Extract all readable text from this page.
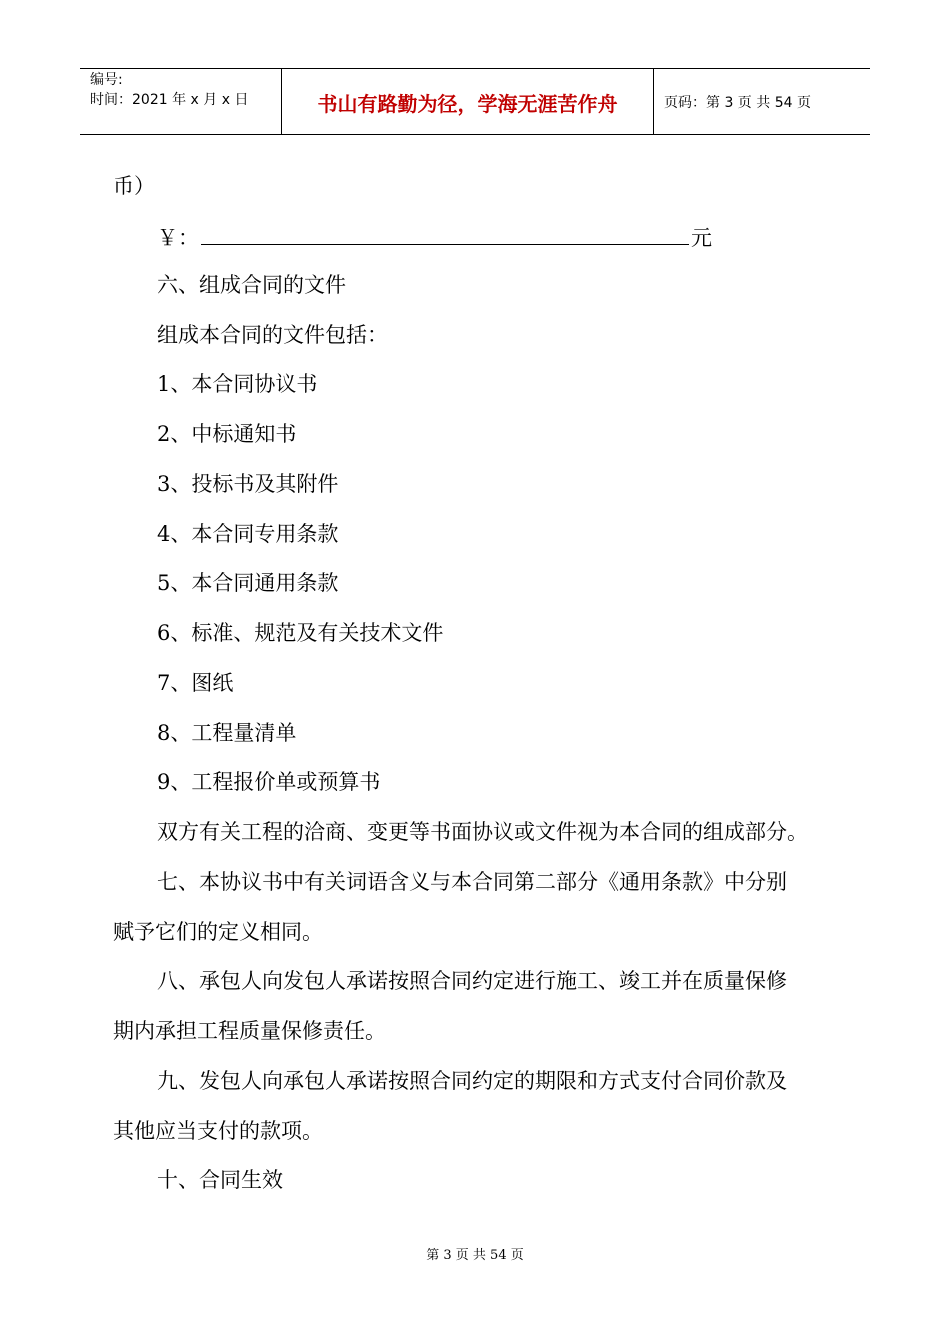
编号:
时间：2021 年 x 月 x 日	书山有路勤为径，学海无涯苦作舟	页码：第 3 页 共 54 页
币）
￥：	元
六、组成合同的文件
组成本合同的文件包括：
1、本合同协议书
2、中标通知书
3、投标书及其附件
4、本合同专用条款
5、本合同通用条款
6、标准、规范及有关技术文件
7、图纸
8、工程量清单
9、工程报价单或预算书
双方有关工程的洽商、变更等书面协议或文件视为本合同的组成部分。
七、本协议书中有关词语含义与本合同第二部分《通用条款》中分别
赋予它们的定义相同。
八、承包人向发包人承诺按照合同约定进行施工、竣工并在质量保修
期内承担工程质量保修责任。
九、发包人向承包人承诺按照合同约定的期限和方式支付合同价款及
其他应当支付的款项。
十、合同生效
第 3 页 共 54 页
